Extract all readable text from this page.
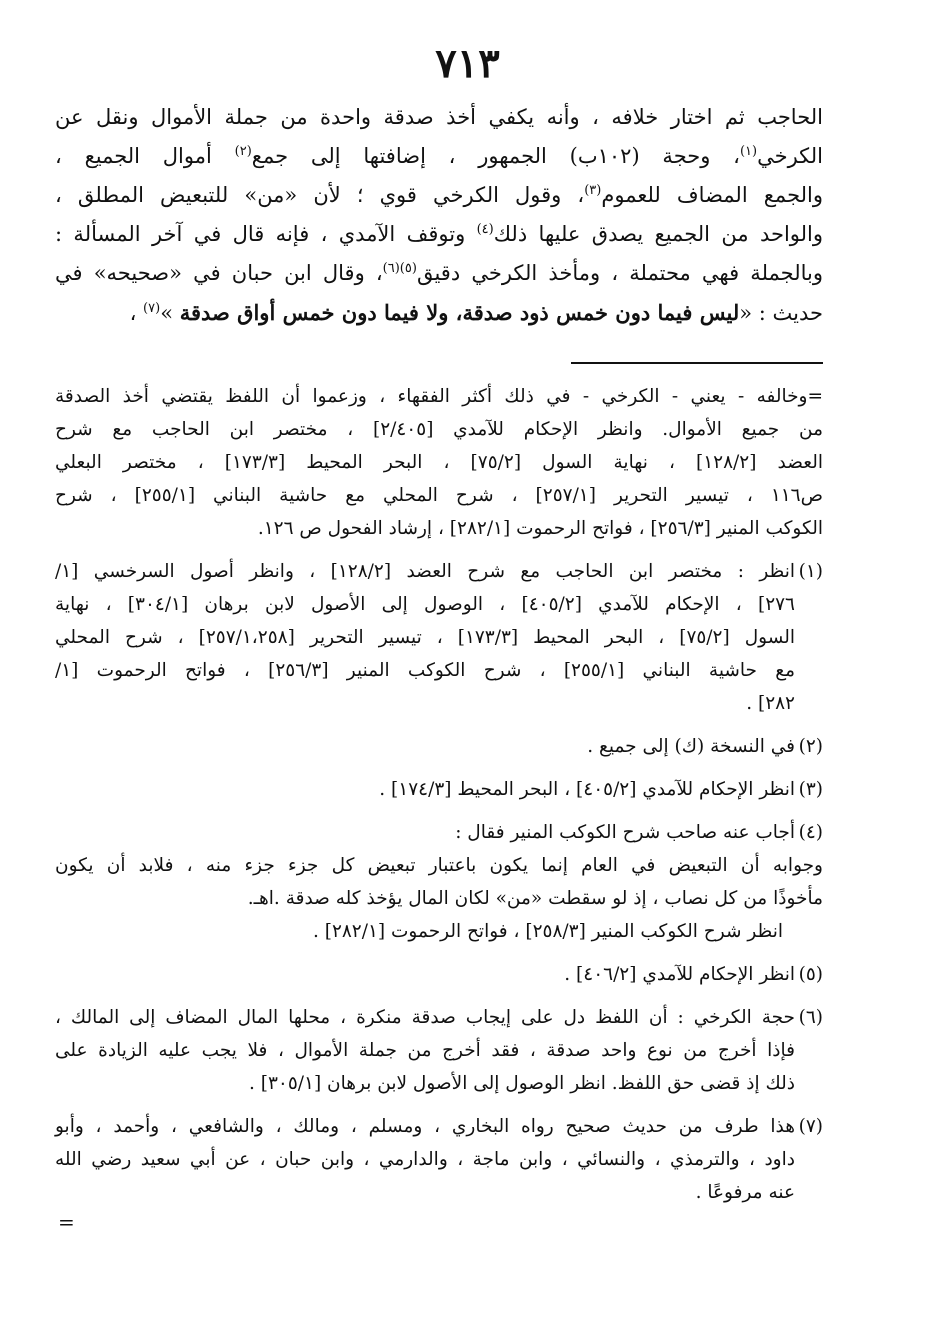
٧١٣
الحاجب ثم اختار خلافه ، وأنه يكفي أخذ صدقة واحدة من جملة الأموال ونقل عن
الكرخي$^{(١)}$، وحجة (١٠٢ب) الجمهور ، إضافتها إلى جمع$^{(٢)}$ أموال الجميع ،
والجمع المضاف للعموم$^{(٣)}$، وقول الكرخي قوي ؛ لأن «من» للتبعيض المطلق ،
والواحد من الجميع يصدق عليها ذلك$^{(٤)}$ وتوقف الآمدي ، فإنه قال في آخر المسألة :
وبالجملة فهي محتملة ، ومأخذ الكرخي دقيق$^{(٥)(٦)}$، وقال ابن حبان في «صحيحه» في
حديث : «ليس فيما دون خمس ذود صدقة، ولا فيما دون خمس أواق صدقة »$^{(٧)}$ ،
=وخالفه - يعني - الكرخي - في ذلك أكثر الفقهاء ، وزعموا أن اللفظ يقتضي أخذ الصدقة
من جميع الأموال. وانظر الإحكام للآمدي [٢/٤٠٥] ، مختصر ابن الحاجب مع شرح
العضد [١٢٨/٢] ، نهاية السول [٧٥/٢] ، البحر المحيط [١٧٣/٣] ، مختصر البعلي
ص١١٦ ، تيسير التحرير [٢٥٧/١] ، شرح المحلي مع حاشية البناني [٢٥٥/١] ، شرح
الكوكب المنير [٢٥٦/٣] ، فواتح الرحموت [٢٨٢/١] ، إرشاد الفحول ص ١٢٦.
(١)انظر : مختصر ابن الحاجب مع شرح العضد [١٢٨/٢] ، وانظر أصول السرخسي [١/
٢٧٦] ، الإحكام للآمدي [٤٠٥/٢] ، الوصول إلى الأصول لابن برهان [٣٠٤/١] ، نهاية
السول [٧٥/٢] ، البحر المحيط [١٧٣/٣] ، تيسير التحرير [٢٥٧/١،٢٥٨] ، شرح المحلي
مع حاشية البناني [٢٥٥/١] ، شرح الكوكب المنير [٢٥٦/٣] ، فواتح الرحموت [١/
٢٨٢] .
(٢)في النسخة (ك) إلى جميع .
(٣)انظر الإحكام للآمدي [٤٠٥/٢] ، البحر المحيط [١٧٤/٣] .
(٤)أجاب عنه صاحب شرح الكوكب المنير فقال :
وجوابه أن التبعيض في العام إنما يكون باعتبار تبعيض كل جزء جزء منه ، فلابد أن يكون
مأخوذًا من كل نصاب ، إذ لو سقطت «من» لكان المال يؤخذ كله صدقة .اهـ.
انظر شرح الكوكب المنير [٢٥٨/٣] ، فواتح الرحموت [٢٨٢/١] .
(٥)انظر الإحكام للآمدي [٤٠٦/٢] .
(٦)حجة الكرخي : أن اللفظ دل على إيجاب صدقة منكرة ، محلها المال المضاف إلى المالك ،
فإذا أخرج من نوع واحد صدقة ، فقد أخرج من جملة الأموال ، فلا يجب عليه الزيادة على
ذلك إذ قضى حق اللفظ. انظر الوصول إلى الأصول لابن برهان [٣٠٥/١] .
(٧)هذا طرف من حديث صحيح رواه البخاري ، ومسلم ، ومالك ، والشافعي ، وأحمد ، وأبو
داود ، والترمذي ، والنسائي ، وابن ماجة ، والدارمي ، وابن حبان ، عن أبي سعيد رضي الله
عنه مرفوعًا .
=
